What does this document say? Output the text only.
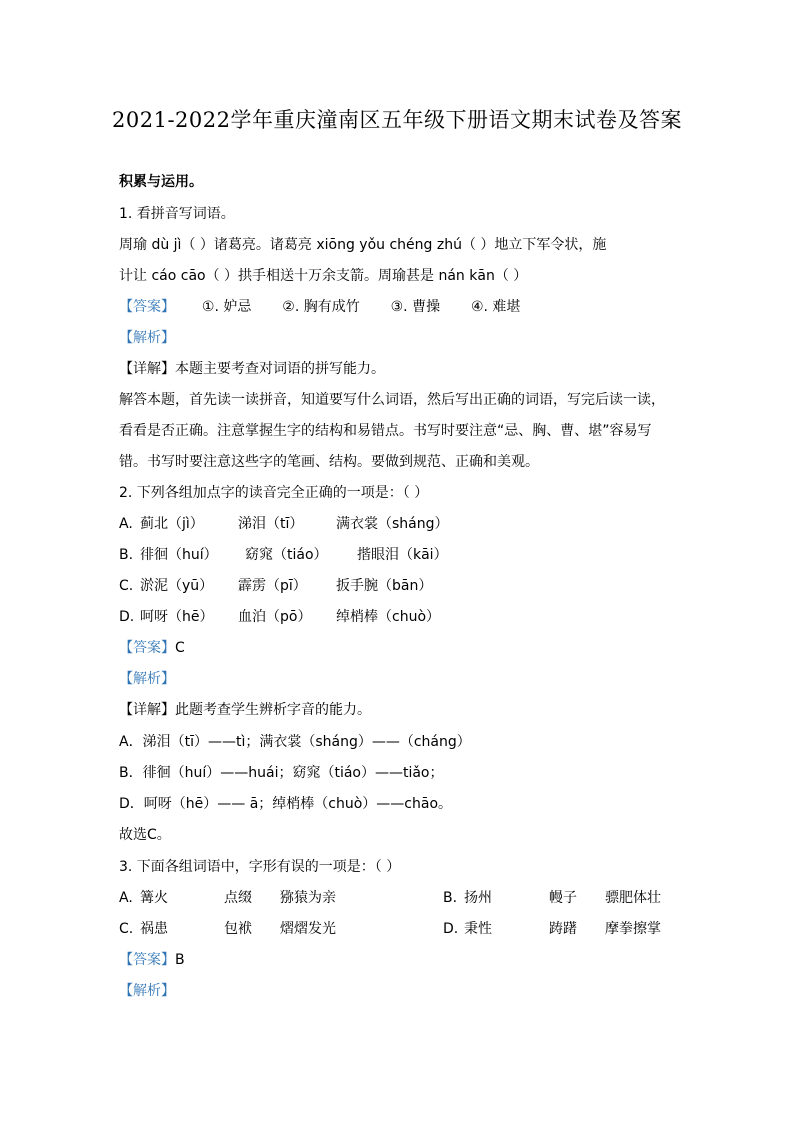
2021-2022学年重庆潼南区五年级下册语文期末试卷及答案
积累与运用。
1. 看拼音写词语。
周瑜 dù jì（ ）诸葛亮。诸葛亮 xiōng yǒu chéng zhú（ ）地立下军令状，施
计让 cáo cāo（ ）拱手相送十万余支箭。周瑜甚是 nán kān（ ）
【答案】 ①. 妒忌 ②. 胸有成竹 ③. 曹操 ④. 难堪
【解析】
【详解】本题主要考查对词语的拼写能力。
解答本题，首先读一读拼音，知道要写什么词语，然后写出正确的词语，写完后读一读，
看看是否正确。注意掌握生字的结构和易错点。书写时要注意“忌、胸、曹、堪”容易写
错。书写时要注意这些字的笔画、结构。要做到规范、正确和美观。
2. 下列各组加点字的读音完全正确的一项是：（ ）
A. 蓟北（jì） 涕泪（tī） 满衣裳（sháng）
B. 徘徊（huí） 窈窕（tiáo） 揩眼泪（kāi）
C. 淤泥（yū） 霹雳（pī） 扳手腕（bān）
D. 呵呀（hē） 血泊（pō） 绰梢棒（chuò）
【答案】C
【解析】
【详解】此题考查学生辨析字音的能力。
A．涕泪（tī）——tì；满衣裳（sháng）——（cháng）
B．徘徊（huí）——huái；窈窕（tiáo）——tiǎo；
D．呵呀（hē）—— ā；绰梢棒（chuò）——chāo。
故选C。
3. 下面各组词语中，字形有误的一项是：（ ）
A. 篝火	点缀 猕猿为亲	B. 扬州	幔子 骠肥体壮
C. 祸患	包袱 熠熠发光	D. 秉性	踌躇 摩拳擦掌
【答案】B
【解析】
